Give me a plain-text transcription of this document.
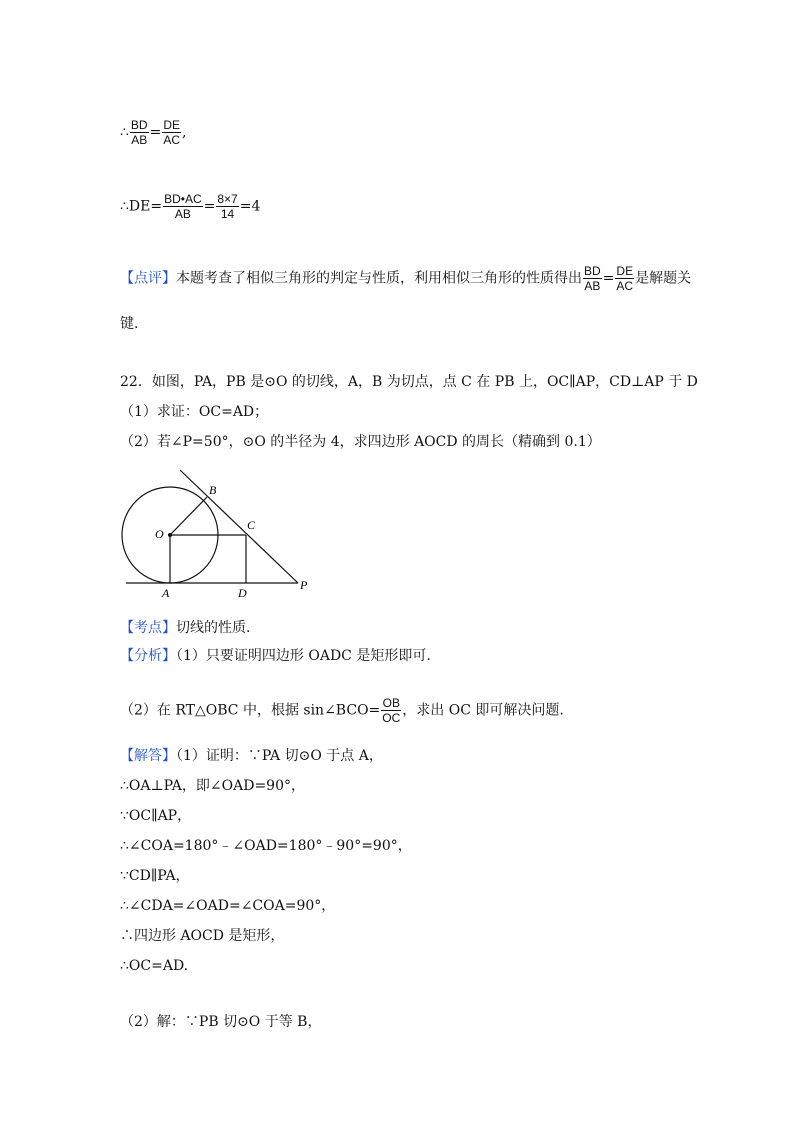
∴ $\frac{BD}{AB} = \frac{DE}{AC}$ ,
∴DE= $\frac{BD•AC}{AB} = \frac{8\times 7}{14} =4$
【点评】本题考查了相似三角形的判定与性质，利用相似三角形的性质得出 $\frac{BD}{AB} = \frac{DE}{AC}$ 是解题关
键.
22．如图，PA，PB 是⊙O 的切线，A，B 为切点，点 C 在 PB 上，OC∥AP，CD⊥AP 于 D
（1）求证：OC=AD；
（2）若∠P=50°，⊙O 的半径为 4，求四边形 AOCD 的周长（精确到 0.1）
B
O
C
A	D
P
【考点】切线的性质.
【分析】（1）只要证明四边形 OADC 是矩形即可.
（2）在 RT△OBC 中，根据 sin∠BCO= $\frac{OB}{OC}$ ，求出 OC 即可解决问题.
【解答】（1）证明：∵PA 切⊙O 于点 A，
∴OA⊥PA，即∠OAD=90°，
∵OC∥AP，
∴∠COA=180°﹣∠OAD=180°﹣90°=90°，
∵CD∥PA，
∴∠CDA=∠OAD=∠COA=90°，
∴四边形 AOCD 是矩形，
∴OC=AD.
（2）解：∵PB 切⊙O 于等 B，
